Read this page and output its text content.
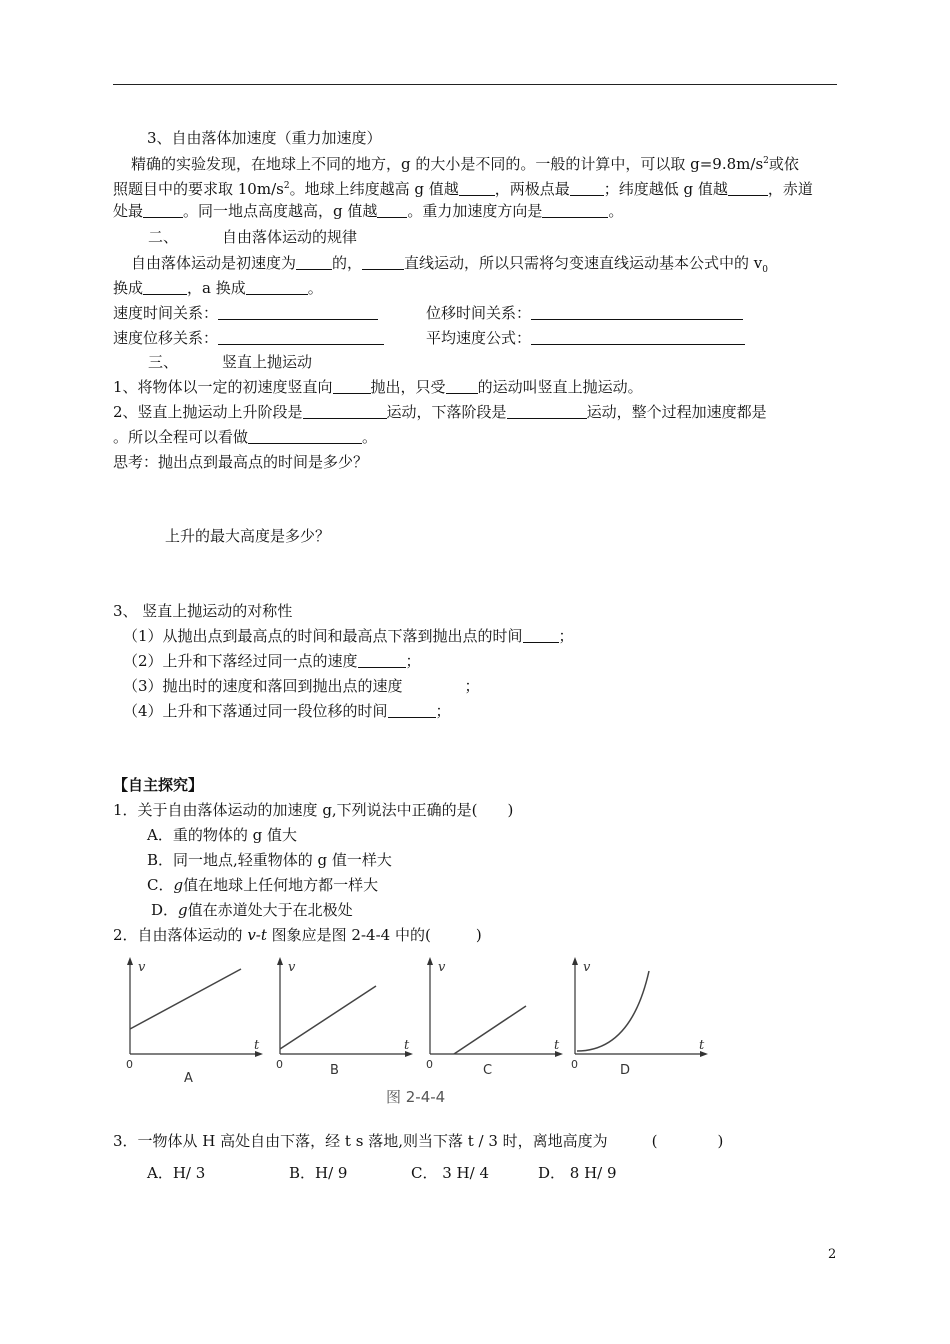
3、自由落体加速度（重力加速度）
精确的实验发现，在地球上不同的地方，g 的大小是不同的。一般的计算中，可以取 $g=9.8m/s^2$或依
照题目中的要求取 $10m/s^2$。地球上纬度越高 g 值越 ，两极点最 ；纬度越低 g 值越	，赤道
处最	。同一地点高度越高，g 值越 。重力加速度方向是	。
二、	自由落体运动的规律
自由落体运动是初速度为 的，	直线运动，所以只需将匀变速直线运动基本公式中的 $v_0$
换成	，a 换成	。
速度时间关系：	位移时间关系：
速度位移关系：	平均速度公式：
三、	竖直上抛运动
1、将物体以一定的初速度竖直向	抛出，只受 的运动叫竖直上抛运动。
2、竖直上抛运动上升阶段是	运动，下落阶段是	运动，整个过程加速度都是
。所以全程可以看做	。
思考：抛出点到最高点的时间是多少？
上升的最大高度是多少？
3、 竖直上抛运动的对称性
（1）从抛出点到最高点的时间和最高点下落到抛出点的时间 ；
（2）上升和下落经过同一点的速度	；
（3）抛出时的速度和落回到抛出点的速度	；
（4）上升和下落通过同一段位移的时间	；
【自主探究】
1．关于自由落体运动的加速度 g,下列说法中正确的是(　　)
A．重的物体的 g 值大
B．同一地点,轻重物体的 g 值一样大
C．g值在地球上任何地方都一样大
D．g值在赤道处大于在北极处
2．自由落体运动的 v-t 图象应是图 2-4-4 中的(　　　)
v
t
0
A
v
t
0	B
v
t
0	C
v
t
0	D
图 2-4-4
3．一物体从 H 高处自由下落，经 t s 落地,则当下落 t / 3 时，离地高度为	(　　　　)
A．H/ 3	B．H/ 9	C． 3 H/ 4	D． 8 H/ 9
2
